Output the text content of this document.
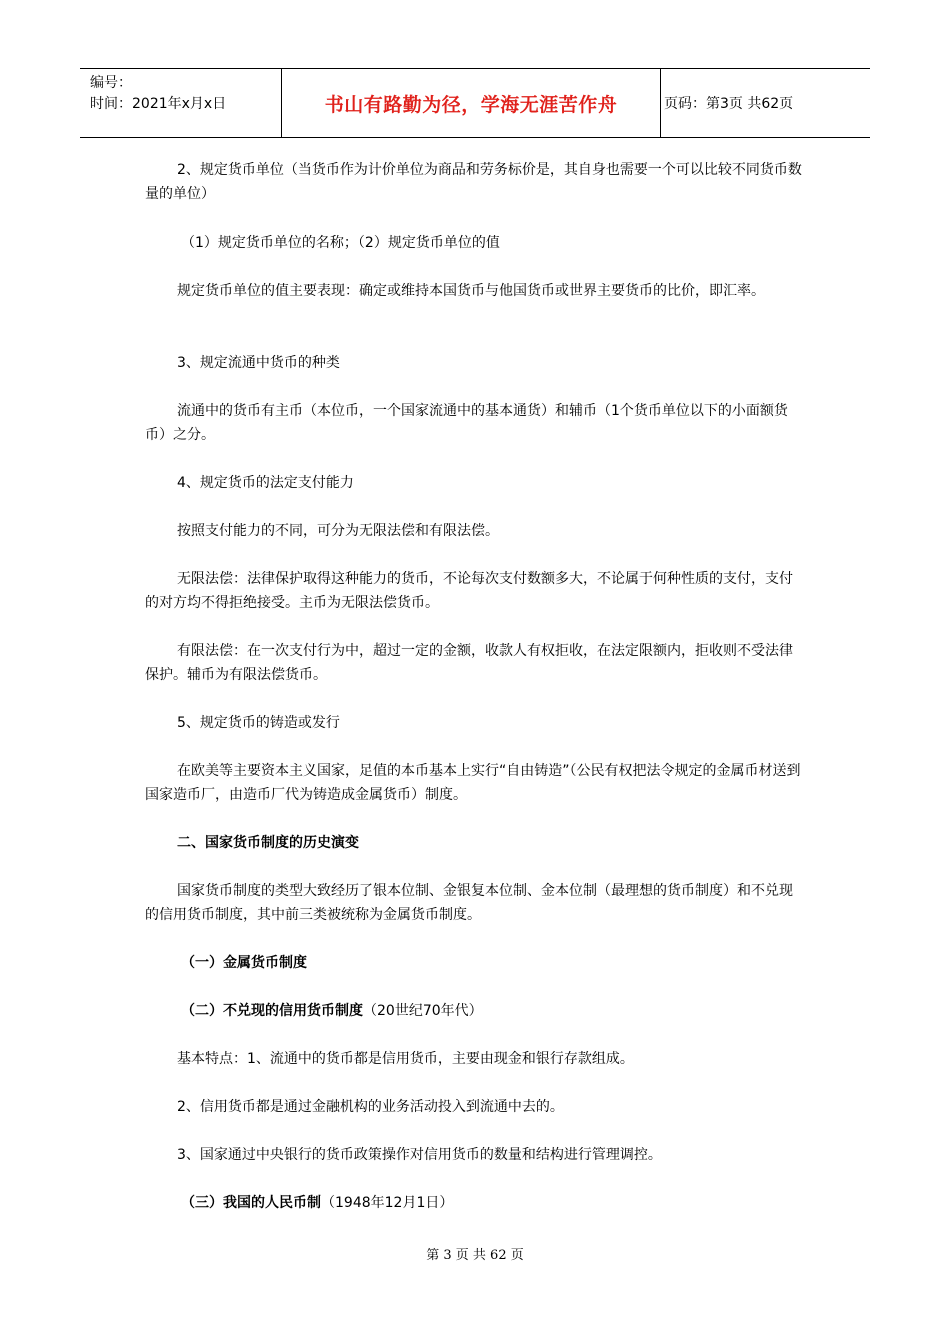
编号：
时间：2021年x月x日	书山有路勤为径，学海无涯苦作舟	页码：第3页 共62页
2、规定货币单位（当货币作为计价单位为商品和劳务标价是，其自身也需要一个可以比较不同货币数量的单位）
（1）规定货币单位的名称；（2）规定货币单位的值
规定货币单位的值主要表现：确定或维持本国货币与他国货币或世界主要货币的比价，即汇率。
3、规定流通中货币的种类
流通中的货币有主币（本位币，一个国家流通中的基本通货）和辅币（1个货币单位以下的小面额货币）之分。
4、规定货币的法定支付能力
按照支付能力的不同，可分为无限法偿和有限法偿。
无限法偿：法律保护取得这种能力的货币，不论每次支付数额多大，不论属于何种性质的支付，支付的对方均不得拒绝接受。主币为无限法偿货币。
有限法偿：在一次支付行为中，超过一定的金额，收款人有权拒收，在法定限额内，拒收则不受法律保护。辅币为有限法偿货币。
5、规定货币的铸造或发行
在欧美等主要资本主义国家，足值的本币基本上实行“自由铸造”（公民有权把法令规定的金属币材送到国家造币厂，由造币厂代为铸造成金属货币）制度。
二、国家货币制度的历史演变
国家货币制度的类型大致经历了银本位制、金银复本位制、金本位制（最理想的货币制度）和不兑现的信用货币制度，其中前三类被统称为金属货币制度。
（一）金属货币制度
（二）不兑现的信用货币制度（20世纪70年代）
基本特点：1、流通中的货币都是信用货币，主要由现金和银行存款组成。
2、信用货币都是通过金融机构的业务活动投入到流通中去的。
3、国家通过中央银行的货币政策操作对信用货币的数量和结构进行管理调控。
（三）我国的人民币制（1948年12月1日）
第 3 页 共 62 页
